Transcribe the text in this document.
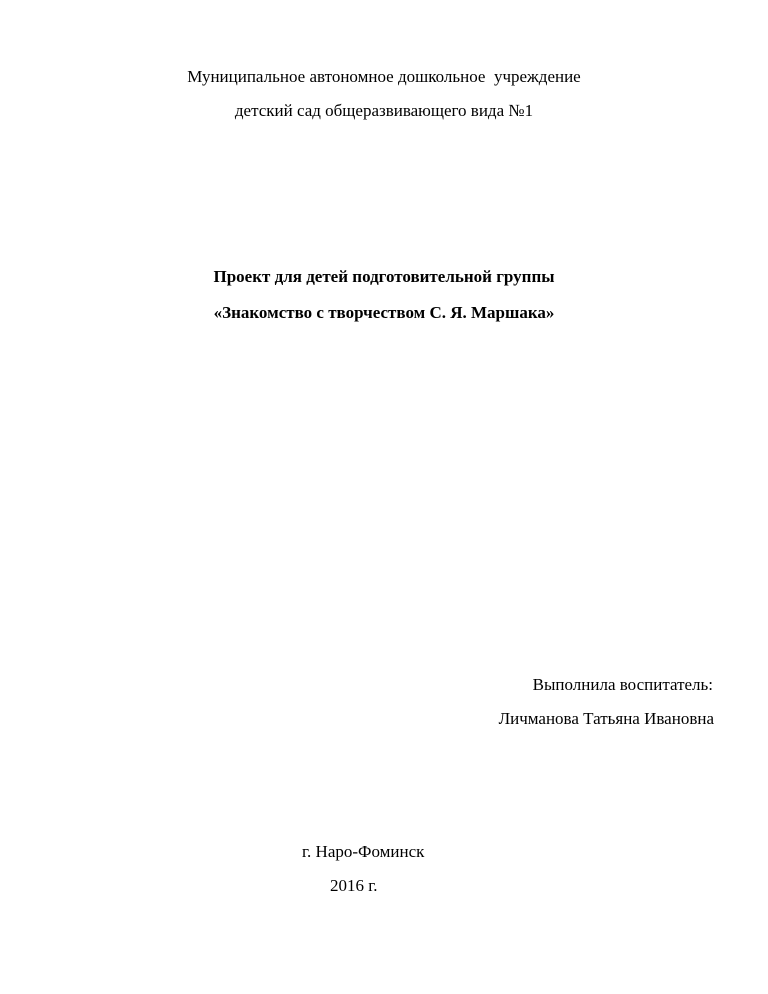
Муниципальное автономное дошкольное  учреждение
детский сад общеразвивающего вида №1
Проект для детей подготовительной группы
«Знакомство с творчеством С. Я. Маршака»
Выполнила воспитатель:
Личманова Татьяна Ивановна
г. Наро-Фоминск
2016 г.
